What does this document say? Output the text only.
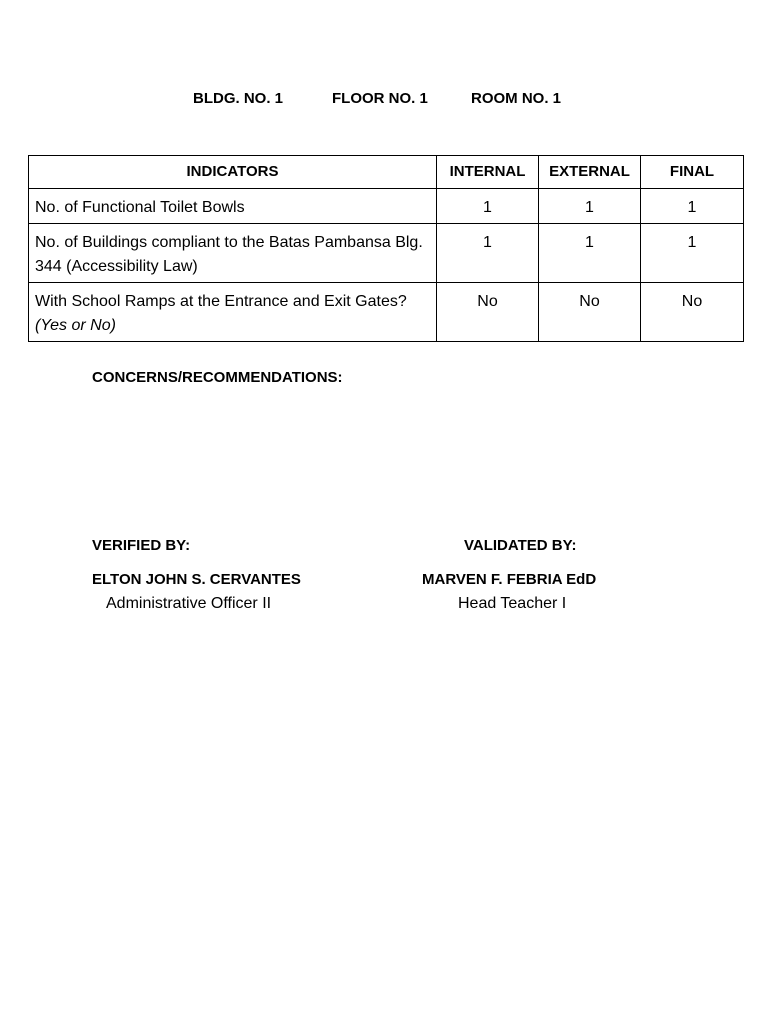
BLDG. NO. 1	FLOOR NO. 1	ROOM NO. 1
INDICATORS	INTERNAL	EXTERNAL	FINAL
No. of Functional Toilet Bowls	1	1	1
No. of Buildings compliant to the Batas Pambansa Blg. 344 (Accessibility Law)	1	1	1
With School Ramps at the Entrance and Exit Gates? (Yes or No)	No	No	No
CONCERNS/RECOMMENDATIONS:
VERIFIED BY:	VALIDATED BY:
ELTON JOHN S. CERVANTES	MARVEN F. FEBRIA EdD
Administrative Officer II	Head Teacher I
